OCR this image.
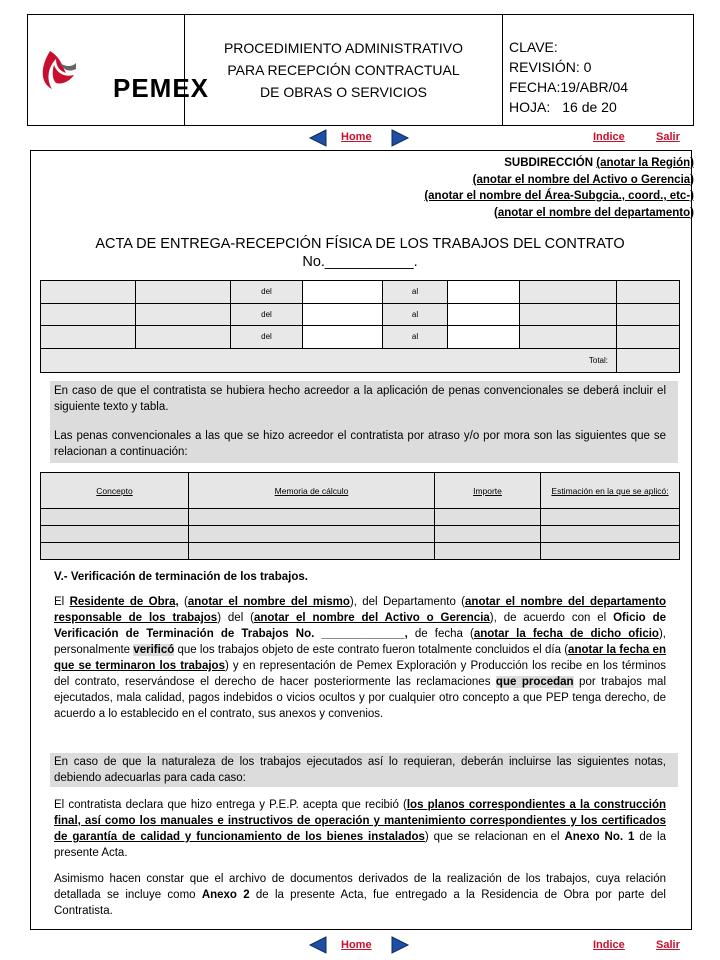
PEMEX
PROCEDIMIENTO ADMINISTRATIVO
PARA RECEPCIÓN CONTRACTUAL
DE OBRAS O SERVICIOS
CLAVE:
REVISIÓN: 0
FECHA:19/ABR/04
HOJA: 16 de 20
Home	Indice	Salir
SUBDIRECCIÓN (anotar la Región)
(anotar el nombre del Activo o Gerencia)
(anotar el nombre del Área-Subgcia., coord., etc-)
(anotar el nombre del departamento)
ACTA DE ENTREGA-RECEPCIÓN FÍSICA DE LOS TRABAJOS DEL CONTRATO
No.___________.
		del		al			
		del		al			
		del		al			
Total:							
En caso de que el contratista se hubiera hecho acreedor a la aplicación de penas convencionales se deberá incluir el siguiente texto y tabla.
Las penas convencionales a las que se hizo acreedor el contratista por atraso y/o por mora son las siguientes que se relacionan a continuación:
Concepto	Memoria de cálculo	Importe	Estimación en la que se aplicó:

V.- Verificación de terminación de los trabajos.
El Residente de Obra, (anotar el nombre del mismo), del Departamento (anotar el nombre del departamento responsable de los trabajos) del (anotar el nombre del Activo o Gerencia), de acuerdo con el Oficio de Verificación de Terminación de Trabajos No. _____________, de fecha (anotar la fecha de dicho oficio), personalmente verificó que los trabajos objeto de este contrato fueron totalmente concluidos el día (anotar la fecha en que se terminaron los trabajos) y en representación de Pemex Exploración y Producción los recibe en los términos del contrato, reservándose el derecho de hacer posteriormente las reclamaciones que procedan por trabajos mal ejecutados, mala calidad, pagos indebidos o vicios ocultos y por cualquier otro concepto a que PEP tenga derecho, de acuerdo a lo establecido en el contrato, sus anexos y convenios.
En caso de que la naturaleza de los trabajos ejecutados así lo requieran, deberán incluirse las siguientes notas, debiendo adecuarlas para cada caso:
El contratista declara que hizo entrega y P.E.P. acepta que recibió (los planos correspondientes a la construcción final, así como los manuales e instructivos de operación y mantenimiento correspondientes y los certificados de garantía de calidad y funcionamiento de los bienes instalados) que se relacionan en el Anexo No. 1 de la presente Acta.
Asimismo hacen constar que el archivo de documentos derivados de la realización de los trabajos, cuya relación detallada se incluye como Anexo 2 de la presente Acta, fue entregado a la Residencia de Obra por parte del Contratista.
Home	Indice	Salir
